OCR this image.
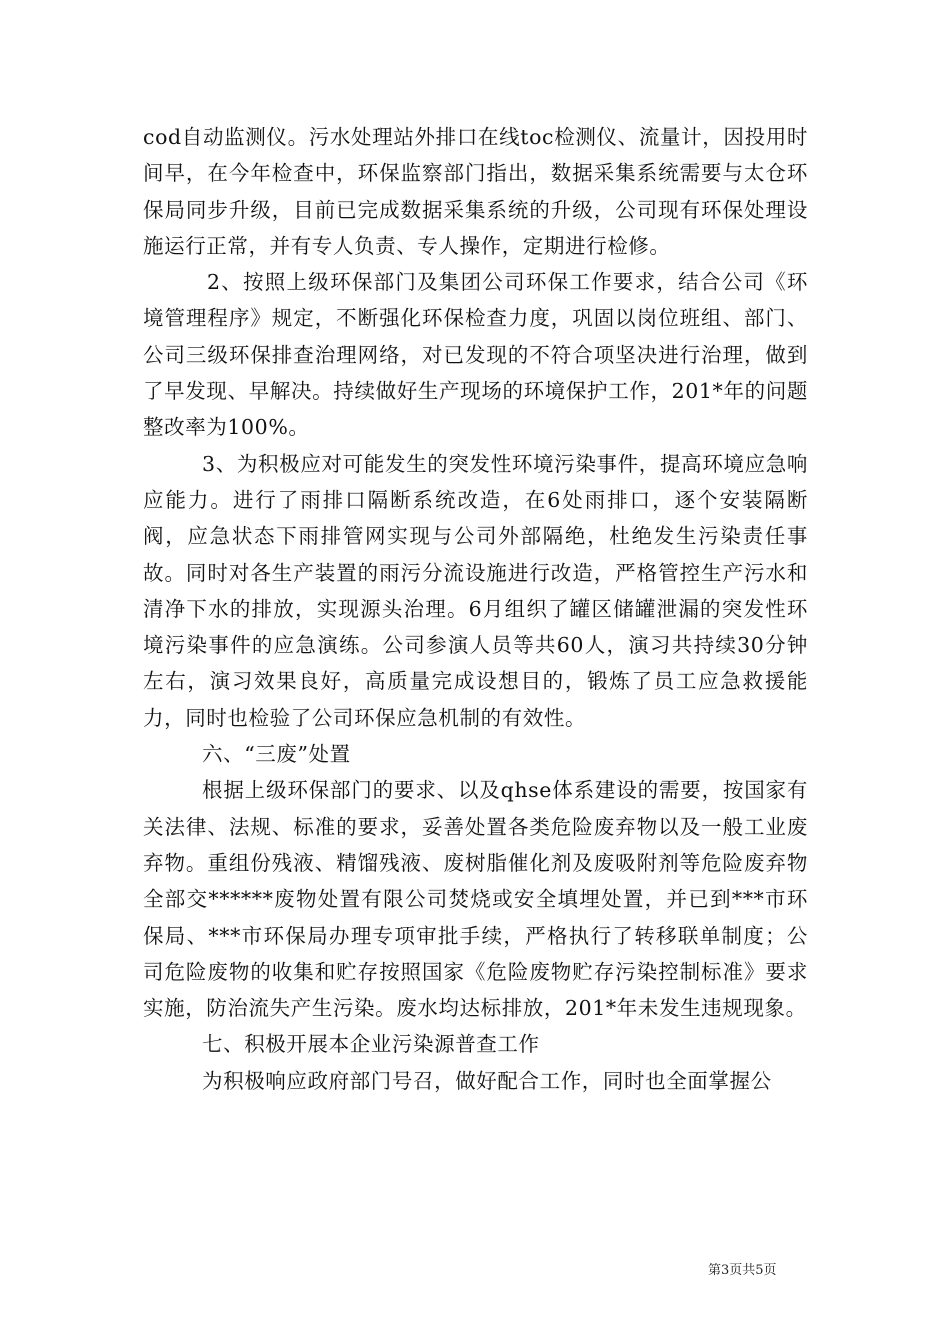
cod自动监测仪。污水处理站外排口在线toc检测仪、流量计，因投用时间早，在今年检查中，环保监察部门指出，数据采集系统需要与太仓环保局同步升级，目前已完成数据采集系统的升级，公司现有环保处理设施运行正常，并有专人负责、专人操作，定期进行检修。

2、按照上级环保部门及集团公司环保工作要求，结合公司《环境管理程序》规定，不断强化环保检查力度，巩固以岗位班组、部门、公司三级环保排查治理网络，对已发现的不符合项坚决进行治理，做到了早发现、早解决。持续做好生产现场的环境保护工作，201*年的问题整改率为100%。

3、为积极应对可能发生的突发性环境污染事件，提高环境应急响应能力。进行了雨排口隔断系统改造，在6处雨排口，逐个安装隔断阀，应急状态下雨排管网实现与公司外部隔绝，杜绝发生污染责任事故。同时对各生产装置的雨污分流设施进行改造，严格管控生产污水和清净下水的排放，实现源头治理。6月组织了罐区储罐泄漏的突发性环境污染事件的应急演练。公司参演人员等共60人，演习共持续30分钟左右，演习效果良好，高质量完成设想目的，锻炼了员工应急救援能力，同时也检验了公司环保应急机制的有效性。

六、“三废”处置

根据上级环保部门的要求、以及qhse体系建设的需要，按国家有关法律、法规、标准的要求，妥善处置各类危险废弃物以及一般工业废弃物。重组份残液、精馏残液、废树脂催化剂及废吸附剂等危险废弃物全部交******废物处置有限公司焚烧或安全填埋处置，并已到***市环保局、***市环保局办理专项审批手续，严格执行了转移联单制度；公司危险废物的收集和贮存按照国家《危险废物贮存污染控制标准》要求实施，防治流失产生污染。废水均达标排放，201*年未发生违规现象。

七、积极开展本企业污染源普查工作

为积极响应政府部门号召，做好配合工作，同时也全面掌握公

第3页共5页
